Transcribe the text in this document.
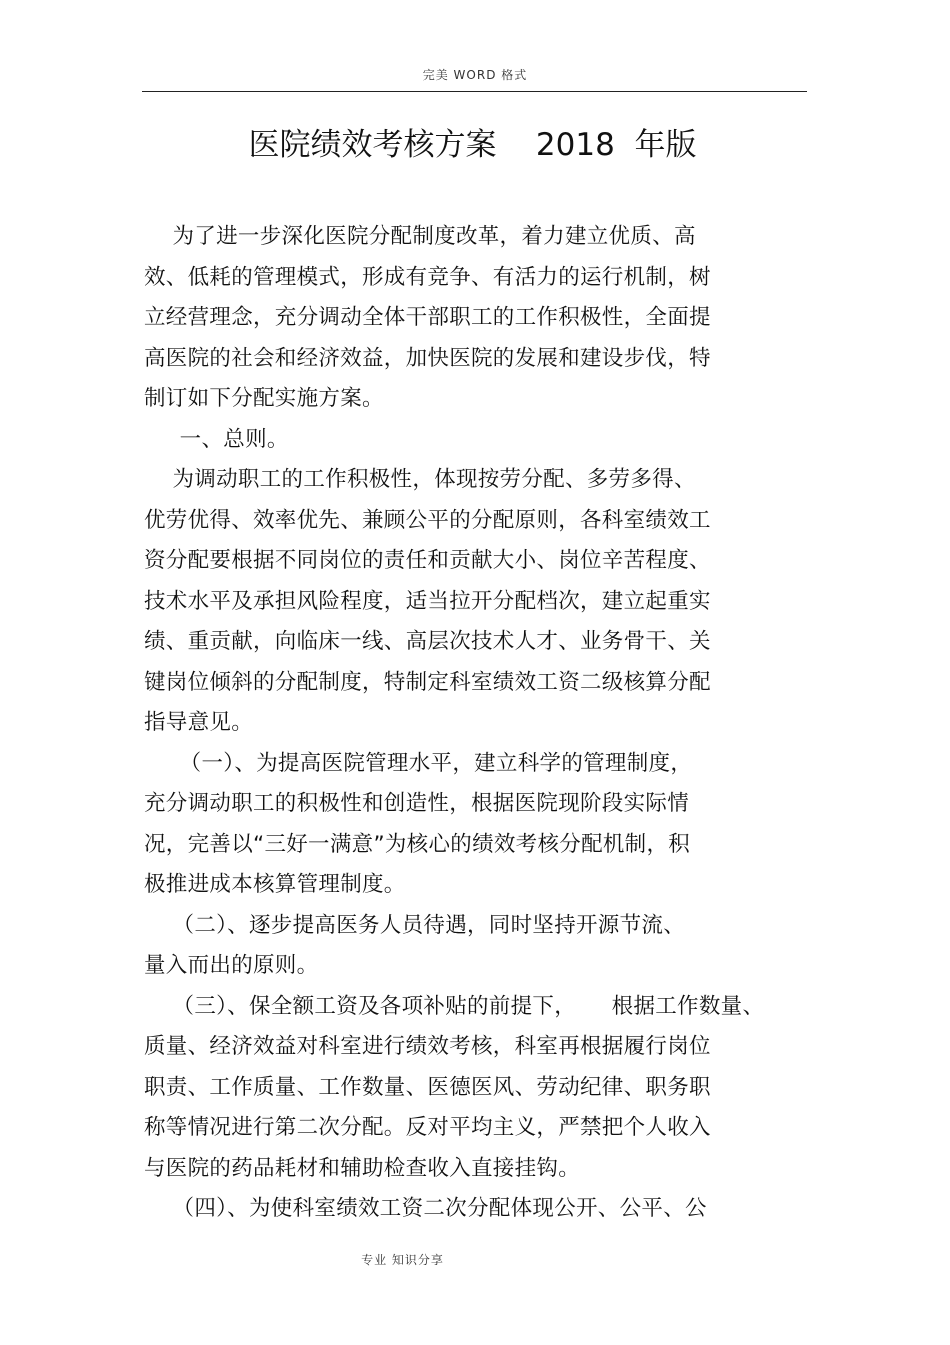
完美 WORD 格式
医院绩效考核方案    2018  年版
为了进一步深化医院分配制度改革，着力建立优质、高
效、低耗的管理模式，形成有竞争、有活力的运行机制，树
立经营理念，充分调动全体干部职工的工作积极性，全面提
高医院的社会和经济效益，加快医院的发展和建设步伐，特
制订如下分配实施方案。
一、总则。
为调动职工的工作积极性，体现按劳分配、多劳多得、
优劳优得、效率优先、兼顾公平的分配原则，各科室绩效工
资分配要根据不同岗位的责任和贡献大小、岗位辛苦程度、
技术水平及承担风险程度，适当拉开分配档次，建立起重实
绩、重贡献，向临床一线、高层次技术人才、业务骨干、关
键岗位倾斜的分配制度，特制定科室绩效工资二级核算分配
指导意见。
（一）、为提高医院管理水平，建立科学的管理制度，
充分调动职工的积极性和创造性，根据医院现阶段实际情
况，完善以“三好一满意”为核心的绩效考核分配机制，积
极推进成本核算管理制度。
（二）、逐步提高医务人员待遇，同时坚持开源节流、
量入而出的原则。
（三）、保全额工资及各项补贴的前提下，     根据工作数量、
质量、经济效益对科室进行绩效考核，科室再根据履行岗位
职责、工作质量、工作数量、医德医风、劳动纪律、职务职
称等情况进行第二次分配。反对平均主义，严禁把个人收入
与医院的药品耗材和辅助检查收入直接挂钩。
（四）、为使科室绩效工资二次分配体现公开、公平、公
专业 知识分享
